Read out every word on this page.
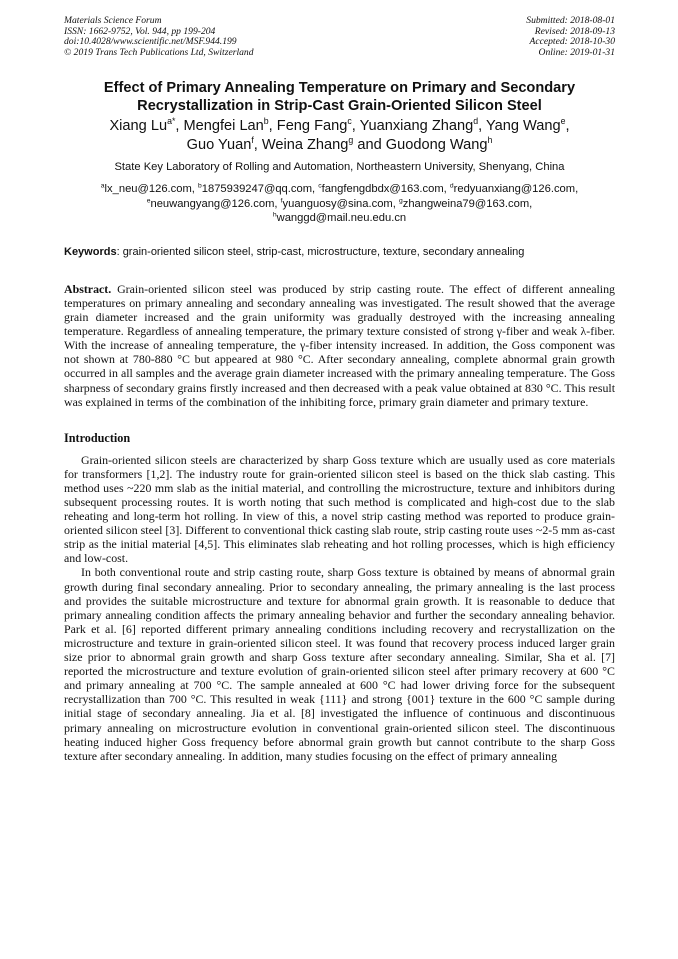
Materials Science Forum
ISSN: 1662-9752, Vol. 944, pp 199-204
doi:10.4028/www.scientific.net/MSF.944.199
© 2019 Trans Tech Publications Ltd, Switzerland
Submitted: 2018-08-01
Revised: 2018-09-13
Accepted: 2018-10-30
Online: 2019-01-31
Effect of Primary Annealing Temperature on Primary and Secondary Recrystallization in Strip-Cast Grain-Oriented Silicon Steel
Xiang $Lu^{a*}$, Mengfei Lan$^b$, Feng Fang$^c$, Yuanxiang Zhang$^d$, Yang Wang$^e$,
Guo Yuan$^f$, Weina Zhang$^g$ and Guodong Wang$^h$
State Key Laboratory of Rolling and Automation, Northeastern University, Shenyang, China
$^a$lx_neu@126.com, $^b$1875939247@qq.com, $^c$fangfengdbdx@163.com, $^d$redyuanxiang@126.com,
$^e$neuwangyang@126.com, $^f$yuanguosy@sina.com, $^g$zhangweina79@163.com,
$^h$wanggd@mail.neu.edu.cn
Keywords: grain-oriented silicon steel, strip-cast, microstructure, texture, secondary annealing
Abstract. Grain-oriented silicon steel was produced by strip casting route. The effect of different annealing temperatures on primary annealing and secondary annealing was investigated. The result showed that the average grain diameter increased and the grain uniformity was gradually destroyed with the increasing annealing temperature. Regardless of annealing temperature, the primary texture consisted of strong γ-fiber and weak λ-fiber. With the increase of annealing temperature, the γ-fiber intensity increased. In addition, the Goss component was not shown at 780-880 °C but appeared at 980 °C. After secondary annealing, complete abnormal grain growth occurred in all samples and the average grain diameter increased with the primary annealing temperature. The Goss sharpness of secondary grains firstly increased and then decreased with a peak value obtained at 830 °C. This result was explained in terms of the combination of the inhibiting force, primary grain diameter and primary texture.
Introduction
Grain-oriented silicon steels are characterized by sharp Goss texture which are usually used as core materials for transformers [1,2]. The industry route for grain-oriented silicon steel is based on the thick slab casting. This method uses ~220 mm slab as the initial material, and controlling the microstructure, texture and inhibitors during subsequent processing routes. It is worth noting that such method is complicated and high-cost due to the slab reheating and long-term hot rolling. In view of this, a novel strip casting method was reported to produce grain-oriented silicon steel [3]. Different to conventional thick casting slab route, strip casting route uses ~2-5 mm as-cast strip as the initial material [4,5]. This eliminates slab reheating and hot rolling processes, which is high efficiency and low-cost.
In both conventional route and strip casting route, sharp Goss texture is obtained by means of abnormal grain growth during final secondary annealing. Prior to secondary annealing, the primary annealing is the last process and provides the suitable microstructure and texture for abnormal grain growth. It is reasonable to deduce that primary annealing condition affects the primary annealing behavior and further the secondary annealing behavior. Park et al. [6] reported different primary annealing conditions including recovery and recrystallization on the microstructure and texture in grain-oriented silicon steel. It was found that recovery process induced larger grain size prior to abnormal grain growth and sharp Goss texture after secondary annealing. Similar, Sha et al. [7] reported the microstructure and texture evolution of grain-oriented silicon steel after primary recovery at 600 °C and primary annealing at 700 °C. The sample annealed at 600 °C had lower driving force for the subsequent recrystallization than 700 °C. This resulted in weak {111} and strong {001} texture in the 600 °C sample during initial stage of secondary annealing. Jia et al. [8] investigated the influence of continuous and discontinuous primary annealing on microstructure evolution in conventional grain-oriented silicon steel. The discontinuous heating induced higher Goss frequency before abnormal grain growth but cannot contribute to the sharp Goss texture after secondary annealing. In addition, many studies focusing on the effect of primary annealing
